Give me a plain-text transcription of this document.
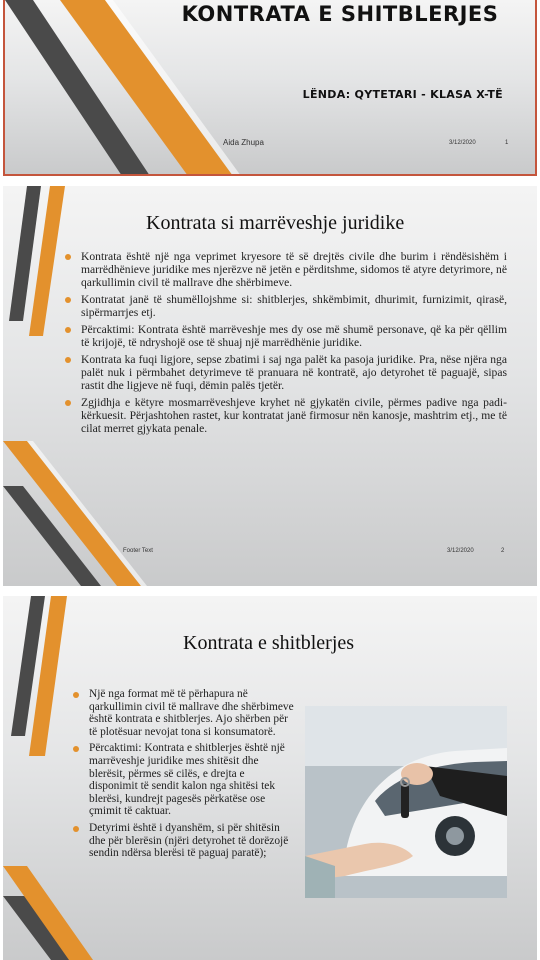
KONTRATA E SHITBLERJES
LËNDA: QYTETARI - KLASA X-TË
Aida Zhupa	3/12/2020	1
Kontrata si marrëveshje juridike
Kontrata është një nga veprimet kryesore të së drejtës civile dhe burim i rëndësishëm i marrëdhënieve juridike mes njerëzve në jetën e përditshme, sidomos të atyre detyrimore, në qarkullimin civil të mallrave dhe shërbimeve.
Kontratat janë të shumëllojshme si: shitblerjes, shkëmbimit, dhurimit, furnizimit, qirasë, sipërmarrjes etj.
Përcaktimi: Kontrata është marrëveshje mes dy ose më shumë personave, që ka për qëllim të krijojë, të ndryshojë ose të shuaj një marrëdhënie juridike.
Kontrata ka fuqi ligjore, sepse zbatimi i saj nga palët ka pasoja juridike. Pra, nëse njëra nga palët nuk i përmbahet detyrimeve të pranuara në kontratë, ajo detyrohet të paguajë, sipas rastit dhe ligjeve në fuqi, dëmin palës tjetër.
Zgjidhja e këtyre mosmarrëveshjeve kryhet në gjykatën civile, përmes padive nga padi-kërkuesit. Përjashtohen rastet, kur kontratat janë firmosur nën kanosje, mashtrim etj., me të cilat merret gjykata penale.
Footer Text	3/12/2020	2
Kontrata e shitblerjes
Një nga format më të përhapura në qarkullimin civil të mallrave dhe shërbimeve është kontrata e shitblerjes. Ajo shërben për të plotësuar nevojat tona si konsumatorë.
Përcaktimi: Kontrata e shitblerjes është një marrëveshje juridike mes shitësit dhe blerësit, përmes së cilës, e drejta e disponimit të sendit kalon nga shitësi tek blerësi, kundrejt pagesës përkatëse ose çmimit të caktuar.
Detyrimi është i dyanshëm, si për shitësin dhe për blerësin (njëri detyrohet të dorëzojë sendin ndërsa blerësi të paguaj paratë);
